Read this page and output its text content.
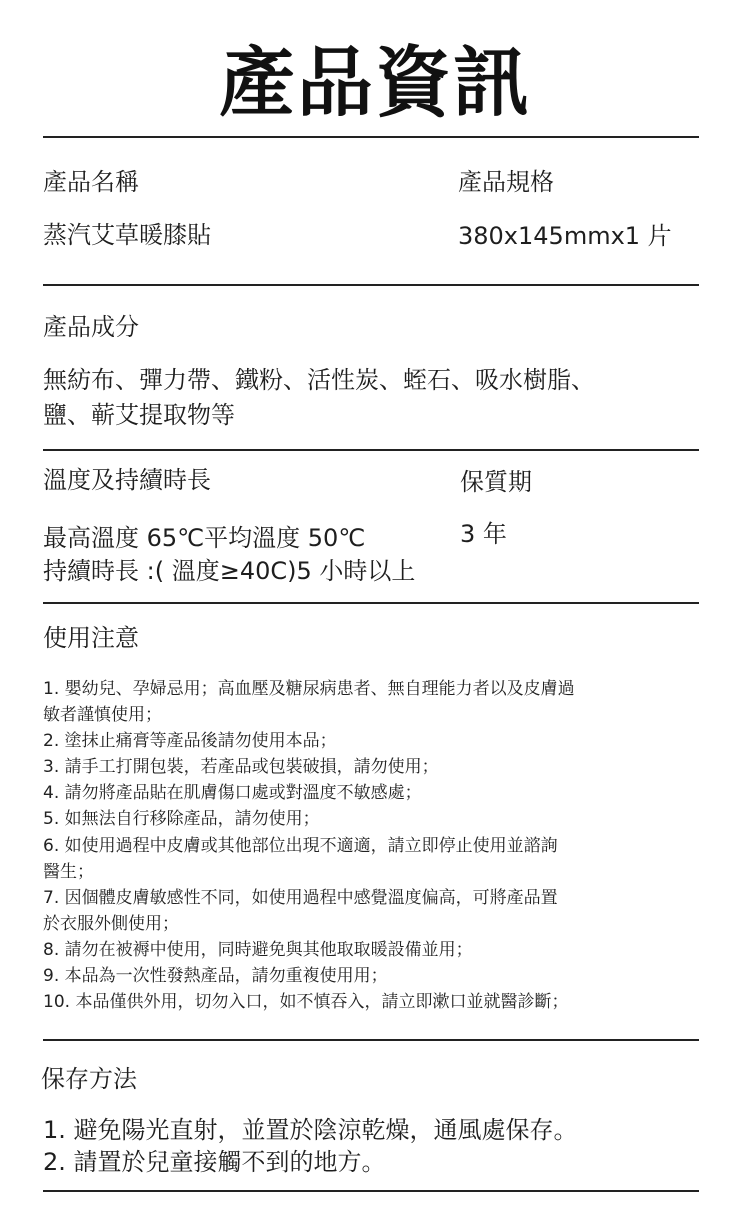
產品資訊
產品名稱	產品規格
蒸汽艾草暖膝貼	380x145mmx1 片
產品成分
無紡布、彈力帶、鐵粉、活性炭、蛭石、吸水樹脂、
鹽、蕲艾提取物等
溫度及持續時長	保質期
最高溫度 65℃平均溫度 50℃	3 年
持續時長 :( 溫度≥40C)5 小時以上
使用注意
1. 嬰幼兒、孕婦忌用；高血壓及糖尿病患者、無自理能力者以及皮膚過
敏者謹慎使用；
2. 塗抹止痛膏等產品後請勿使用本品；
3. 請手工打開包裝，若產品或包裝破損，請勿使用；
4. 請勿將產品貼在肌膚傷口處或對溫度不敏感處；
5. 如無法自行移除產品，請勿使用；
6. 如使用過程中皮膚或其他部位出現不適適，請立即停止使用並諮詢
醫生；
7. 因個體皮膚敏感性不同，如使用過程中感覺溫度偏高，可將產品置
於衣服外側使用；
8. 請勿在被褥中使用，同時避免與其他取取暖設備並用；
9. 本品為一次性發熱產品，請勿重複使用用；
10. 本品僅供外用，切勿入口，如不慎吞入，請立即漱口並就醫診斷；
保存方法
1. 避免陽光直射，並置於陰涼乾燥，通風處保存。
2. 請置於兒童接觸不到的地方。
